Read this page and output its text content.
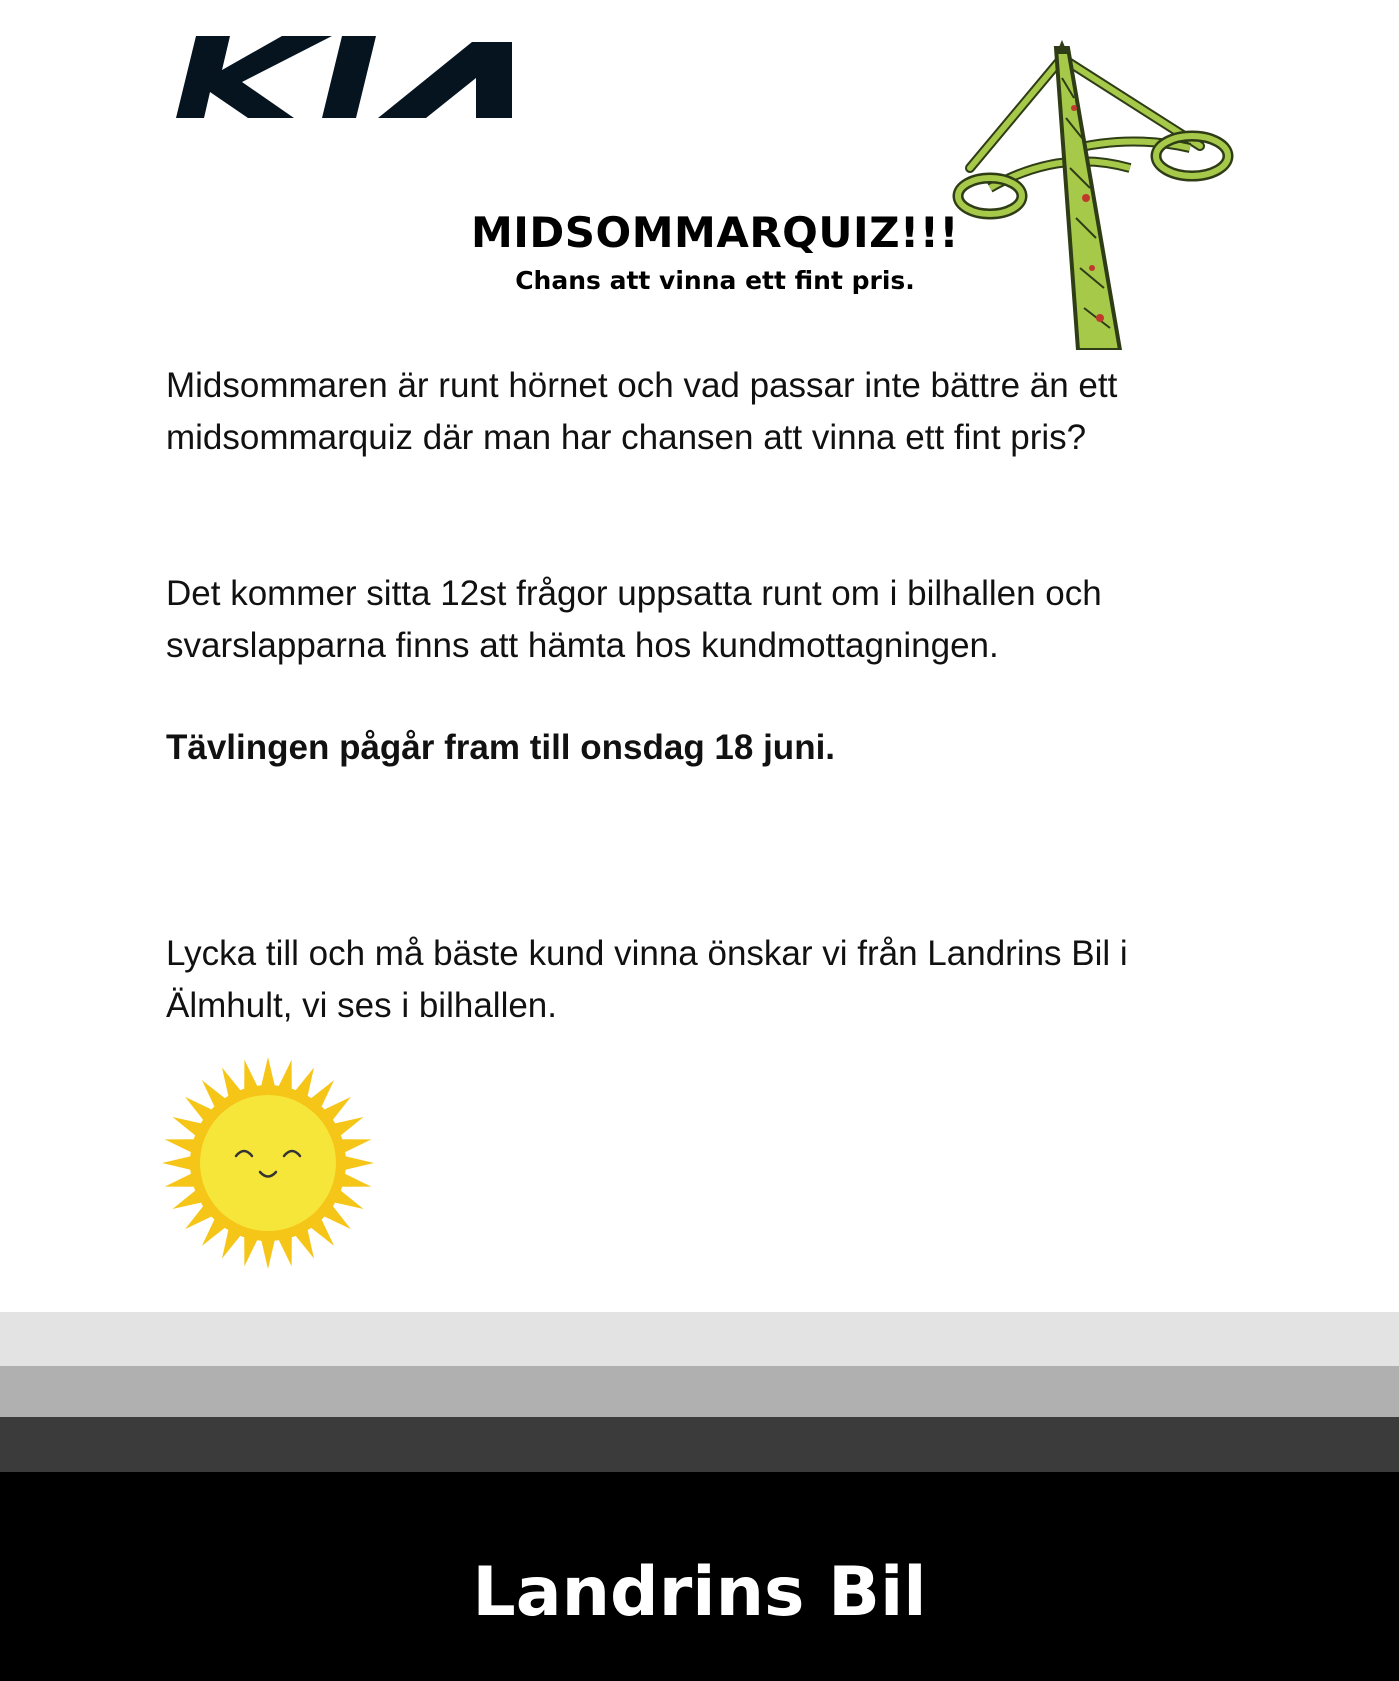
MIDSOMMARQUIZ!!!
Chans att vinna ett fint pris.

Midsommaren är runt hörnet och vad passar inte bättre än ett midsommarquiz där man har chansen att vinna ett fint pris?

Det kommer sitta 12st frågor uppsatta runt om i bilhallen och svarslapparna finns att hämta hos kundmottagningen.

Tävlingen pågår fram till onsdag 18 juni.

Lycka till och må bäste kund vinna önskar vi från Landrins Bil i Älmhult, vi ses i bilhallen.

Landrins Bil
